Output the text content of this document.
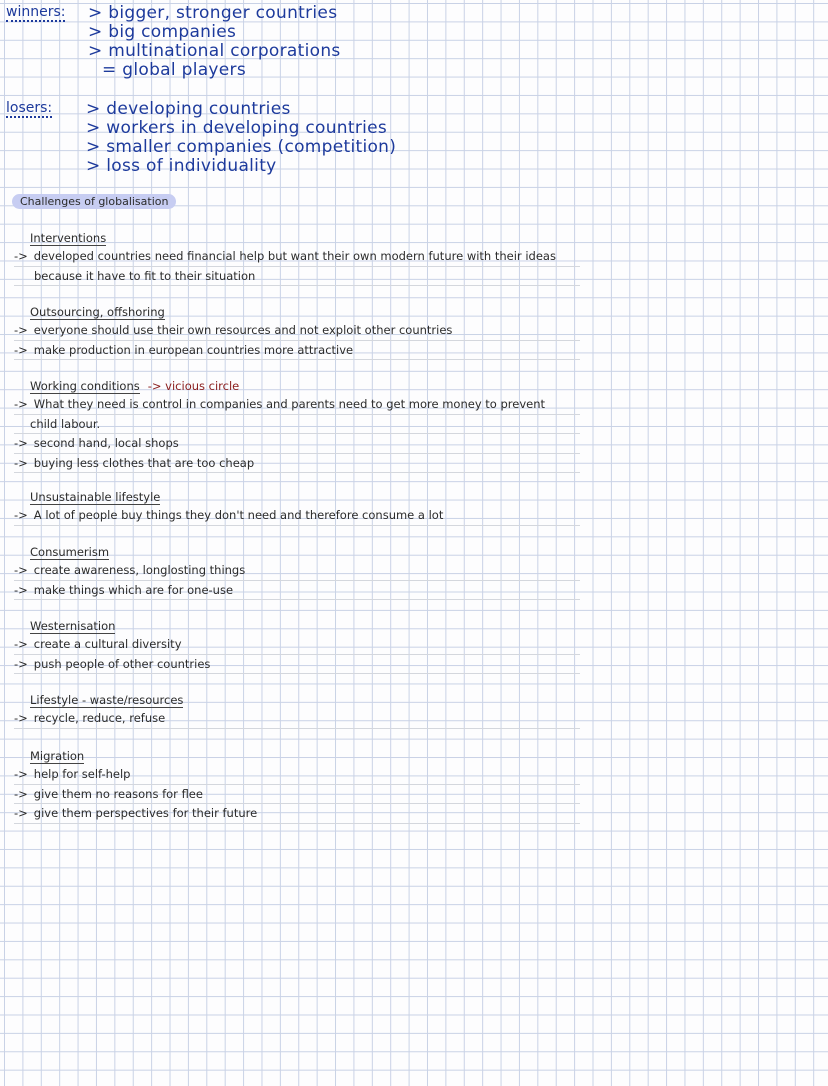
winners: > bigger, stronger countries
> big companies
> multinational corporations
= global players
losers: > developing countries
> workers in developing countries
> smaller companies (competition)
> loss of individuality
Challenges of globalisation
Interventions
-> developed countries need financial help but want their own modern future with their ideas
because it have to fit to their situation
Outsourcing, offshoring
-> everyone should use their own resources and not exploit other countries
-> make production in european countries more attractive
Working conditions -> vicious circle
-> What they need is control in companies and parents need to get more money to prevent
child labour.
-> second hand, local shops
-> buying less clothes that are too cheap
Unsustainable lifestyle
-> A lot of people buy things they don't need and therefore consume a lot
Consumerism
-> create awareness, longlosting things
-> make things which are for one-use
Westernisation
-> create a cultural diversity
-> push people of other countries
Lifestyle - waste/resources
-> recycle, reduce, refuse
Migration
-> help for self-help
-> give them no reasons for flee
-> give them perspectives for their future
